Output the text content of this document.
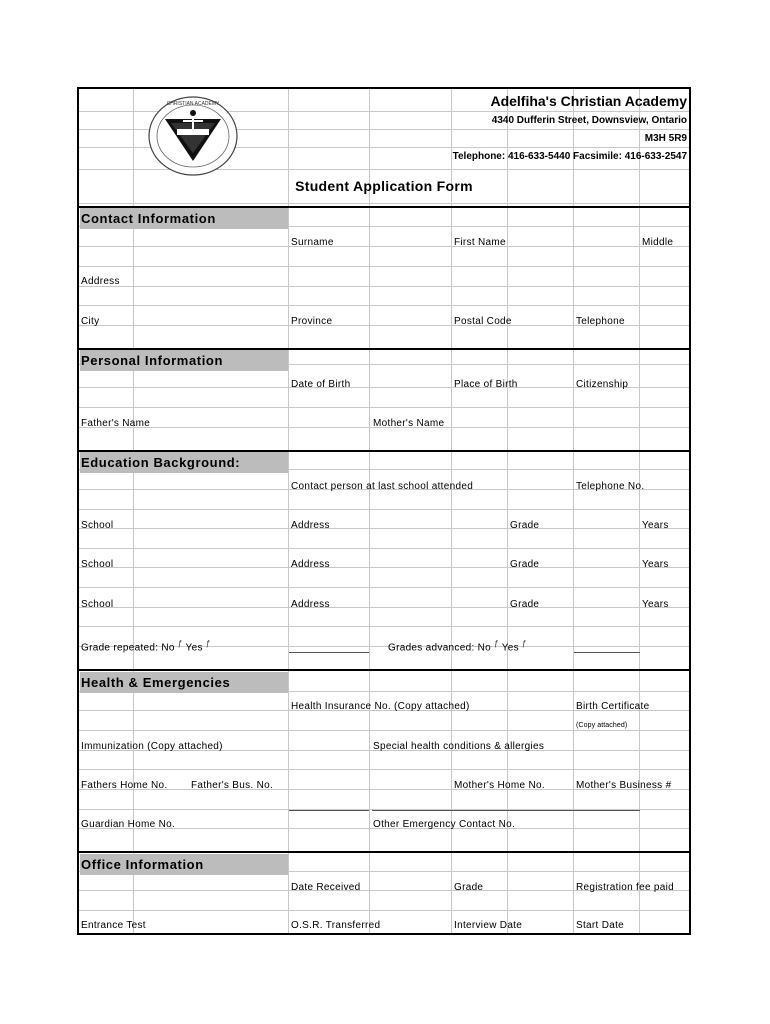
CHRISTIAN ACADEMY	Adelfiha's Christian Academy
4340 Dufferin Street, Downsview, Ontario
M3H 5R9
Telephone: 416-633-5440 Facsimile: 416-633-2547
Student Application Form
Contact Information
Personal Information
Education Background:
Health & Emergencies
Office Information
Surname	First Name	Middle
Address
City	Province	Postal Code	Telephone
Date of Birth	Place of Birth	Citizenship
Father's Name	Mother's Name
Contact person at last school attended	Telephone No.
School	Address	Grade	Years
School	Address	Grade	Years
School	Address	Grade	Years
Grade repeated: No $^ƒ$ Yes $^ƒ$	Grades advanced: No $^ƒ$ Yes $^ƒ$
Health Insurance No. (Copy attached)	Birth Certificate
(Copy attached)
Immunization (Copy attached)	Special health conditions & allergies
Fathers Home No. Father's Bus. No.	Mother's Home No.	Mother's Business #
Guardian Home No.	Other Emergency Contact No.
Date Received	Grade	Registration fee paid
Entrance Test	O.S.R. Transferred	Interview Date	Start Date
